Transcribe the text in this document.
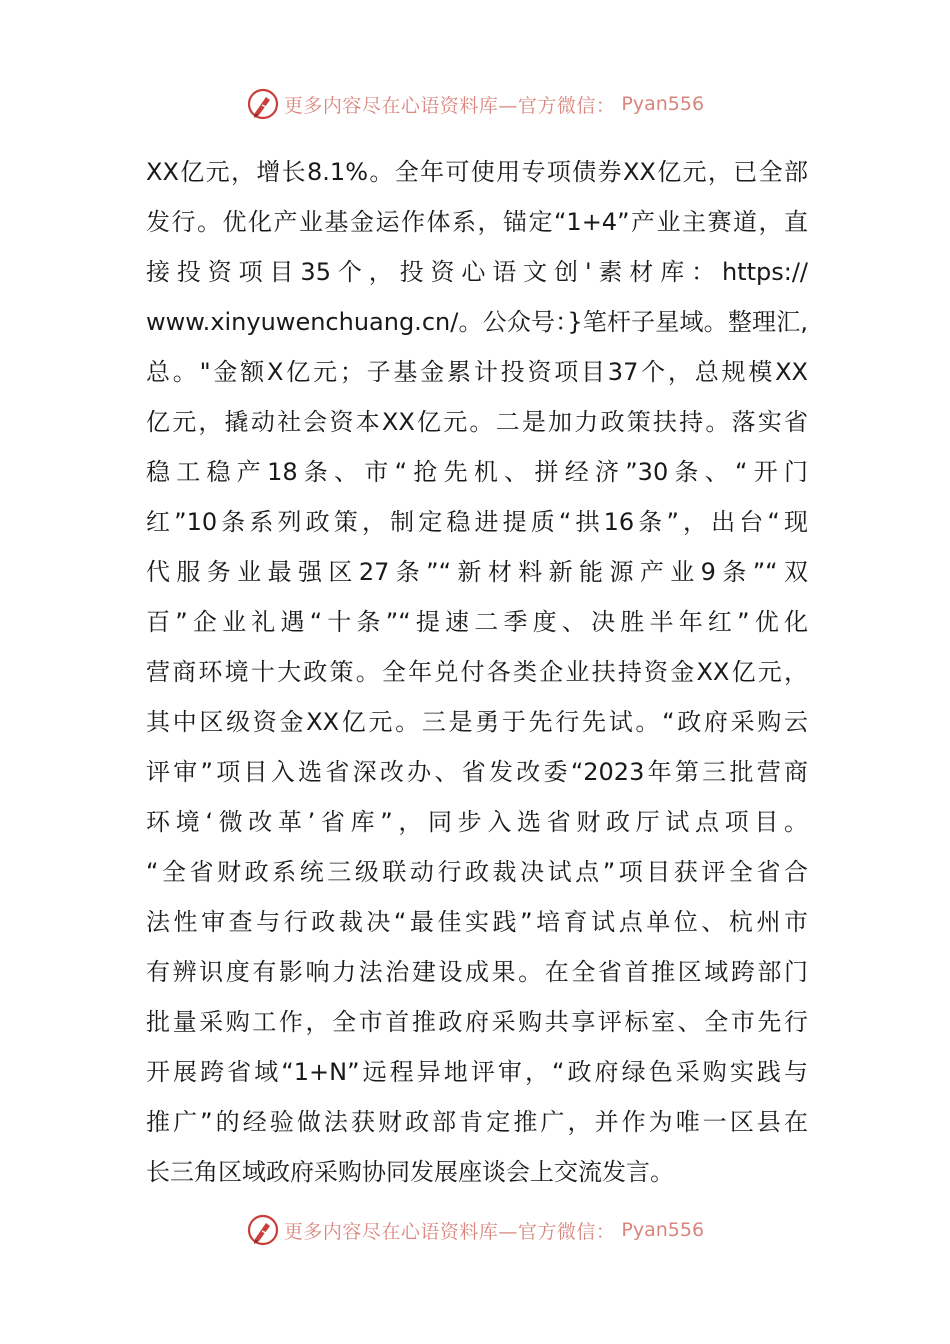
更多内容尽在心语资料库—官方微信： Pyan556
XX亿元，增长8.1%。全年可使用专项债券XX亿元，已全部
发行。优化产业基金运作体系，锚定“1+4”产业主赛道，直
接投资项目35个，投资心语文创'素材库：https://
www.xinyuwenchuang.cn/。公众号：}笔杆子星域。整理汇,
总。"金额X亿元；子基金累计投资项目37个，总规模XX
亿元，撬动社会资本XX亿元。二是加力政策扶持。落实省
稳工稳产18条、市“抢先机、拼经济”30条、“开门
红”10条系列政策，制定稳进提质“拱16条”，出台“现
代服务业最强区27条”“新材料新能源产业9条”“双
百”企业礼遇“十条”“提速二季度、决胜半年红”优化
营商环境十大政策。全年兑付各类企业扶持资金XX亿元，
其中区级资金XX亿元。三是勇于先行先试。“政府采购云
评审”项目入选省深改办、省发改委“2023年第三批营商
环境‘微改革’省库”，同步入选省财政厅试点项目。
“全省财政系统三级联动行政裁决试点”项目获评全省合
法性审查与行政裁决“最佳实践”培育试点单位、杭州市
有辨识度有影响力法治建设成果。在全省首推区域跨部门
批量采购工作，全市首推政府采购共享评标室、全市先行
开展跨省域“1+N”远程异地评审，“政府绿色采购实践与
推广”的经验做法获财政部肯定推广，并作为唯一区县在
长三角区域政府采购协同发展座谈会上交流发言。
更多内容尽在心语资料库—官方微信： Pyan556
